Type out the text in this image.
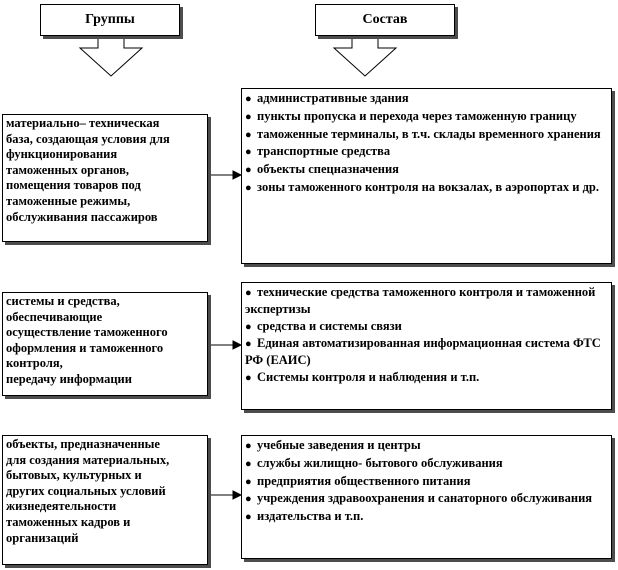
Группы	Состав
материально– техническая
база, создающая условия для
функционирования
таможенных органов,
помещения товаров под
таможенные режимы,
обслуживания пассажиров
● административные здания
● пункты пропуска и перехода через таможенную границу
● таможенные терминалы, в т.ч. склады временного хранения
● транспортные средства
● объекты спецназначения
● зоны таможенного контроля на вокзалах, в аэропортах и др.
системы и средства,
обеспечивающие
осуществление таможенного
оформления и таможенного
контроля,
передачу информации
● технические средства таможенного контроля и таможенной экспертизы
● средства и системы связи
● Единая автоматизированная информационная система ФТС РФ (ЕАИС)
● Системы контроля и наблюдения и т.п.
объекты, предназначенные
для создания материальных,
бытовых, культурных и
других социальных условий
жизнедеятельности
таможенных кадров и
организаций
● учебные заведения и центры
● службы жилищно- бытового обслуживания
● предприятия общественного питания
● учреждения здравоохранения и санаторного обслуживания
● издательства и т.п.
